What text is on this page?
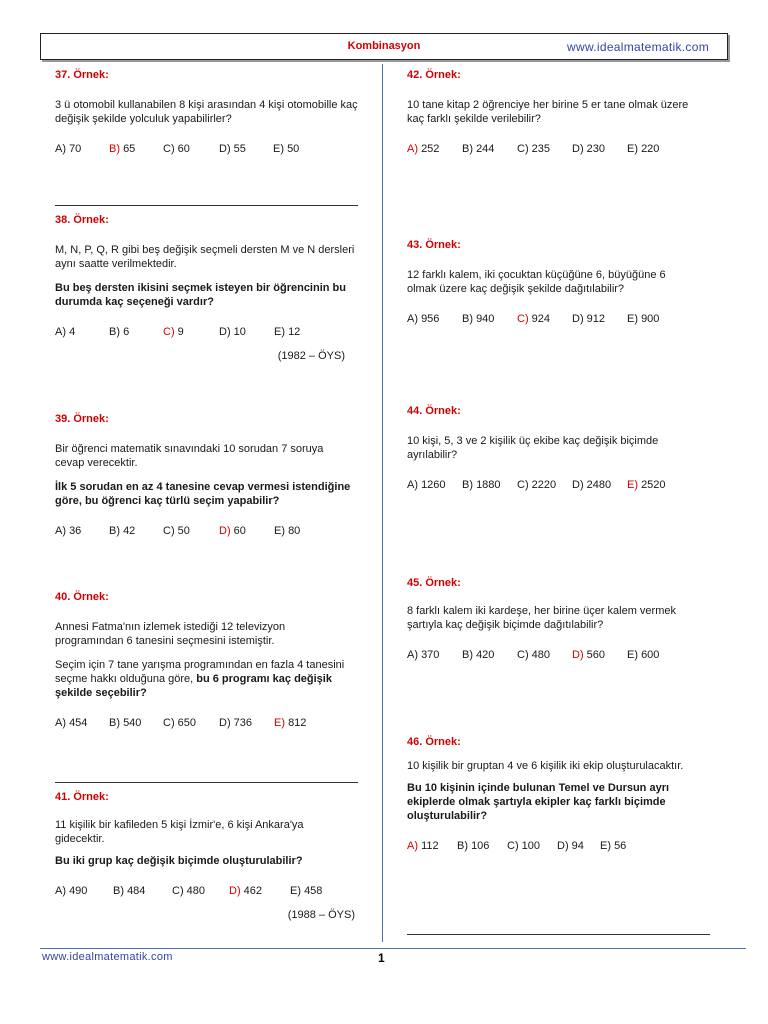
Kombinasyon	www.idealmatematik.com
37. Örnek:

3 ü otomobil kullanabilen 8 kişi arasından 4 kişi otomobille kaç değişik şekilde yolculuk yapabilirler?

A) 70	B) 65	C) 60	D) 55 E) 50
38. Örnek:

M, N, P, Q, R gibi beş değişik seçmeli dersten M ve N dersleri aynı saatte verilmektedir.

Bu beş dersten ikisini seçmek isteyen bir öğrencinin bu durumda kaç seçeneği vardır?

A) 4	B) 6	C) 9	D) 10	E) 12
(1982 – ÖYS)
39. Örnek:

Bir öğrenci matematik sınavındaki 10 sorudan 7 soruya cevap verecektir.

İlk 5 sorudan en az 4 tanesine cevap vermesi istendiğine göre, bu öğrenci kaç türlü seçim yapabilir?

A) 36	B) 42	C) 50	D) 60	E) 80
40. Örnek:

Annesi Fatma'nın izlemek istediği 12 televizyon programından 6 tanesini seçmesini istemiştir.

Seçim için 7 tane yarışma programından en fazla 4 tanesini seçme hakkı olduğuna göre, bu 6 programı kaç değişik şekilde seçebilir?

A) 454 B) 540 C) 650 D) 736 E) 812
41. Örnek:

11 kişilik bir kafileden 5 kişi İzmir'e, 6 kişi Ankara'ya gidecektir.

Bu iki grup kaç değişik biçimde oluşturulabilir?

A) 490 B) 484 C) 480 D) 462	E) 458
(1988 – ÖYS)
42. Örnek:

10 tane kitap 2 öğrenciye her birine 5 er tane olmak üzere kaç farklı şekilde verilebilir?

A) 252 B) 244 C) 235 D) 230 E) 220
43. Örnek:

12 farklı kalem, iki çocuktan küçüğüne 6, büyüğüne 6 olmak üzere kaç değişik şekilde dağıtılabilir?

A) 956 B) 940 C) 924 D) 912 E) 900
44. Örnek:

10 kişi, 5, 3 ve 2 kişilik üç ekibe kaç değişik biçimde ayrılabilir?

A) 1260 B) 1880 C) 2220 D) 2480 E) 2520
45. Örnek:

8 farklı kalem iki kardeşe, her birine üçer kalem vermek şartıyla kaç değişik biçimde dağıtılabilir?

A) 370 B) 420 C) 480 D) 560 E) 600
46. Örnek:

10 kişilik bir gruptan 4 ve 6 kişilik iki ekip oluşturulacaktır.

Bu 10 kişinin içinde bulunan Temel ve Dursun ayrı ekiplerde olmak şartıyla ekipler kaç farklı biçimde oluşturulabilir?

A) 112 B) 106 C) 100 D) 94 E) 56
www.idealmatematik.com	1
